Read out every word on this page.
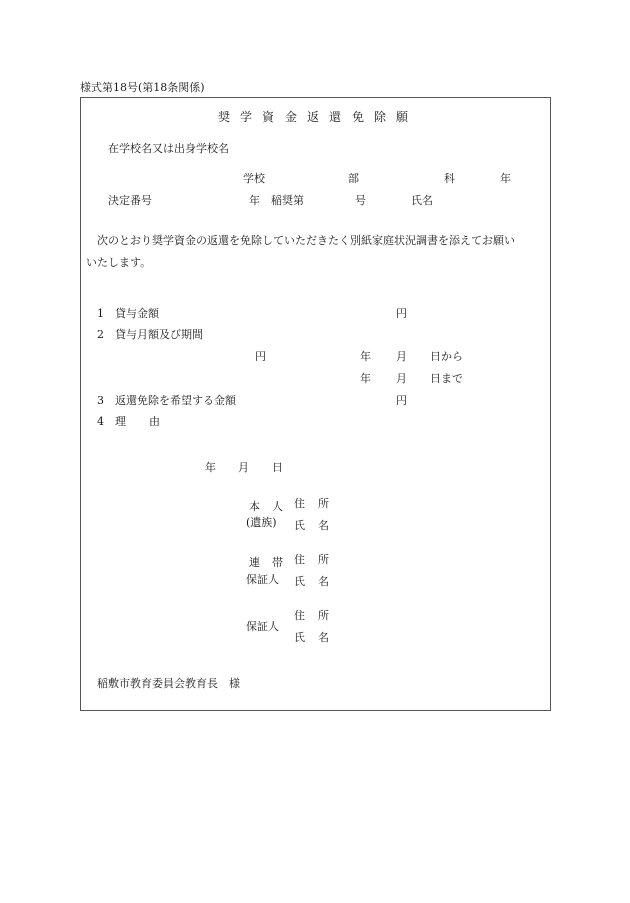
様式第18号(第18条関係)
奨 学 資 金 返 還 免 除 願
在学校名又は出身学校名
学校	部	科	年
決定番号	年 稲奨第	号	氏名
次のとおり奨学資金の返還を免除していただきたく別紙家庭状況調書を添えてお願い
いたします。
1 貸与金額	円
2 貸与月額及び期間
円	年 月 日から
年 月 日まで
3 返還免除を希望する金額	円
4 理 由
年 月 日
本 人
(遺族)
住 所
氏 名
連 帯
保証人
住 所
氏 名
保証人
住 所
氏 名
稲敷市教育委員会教育長　様
